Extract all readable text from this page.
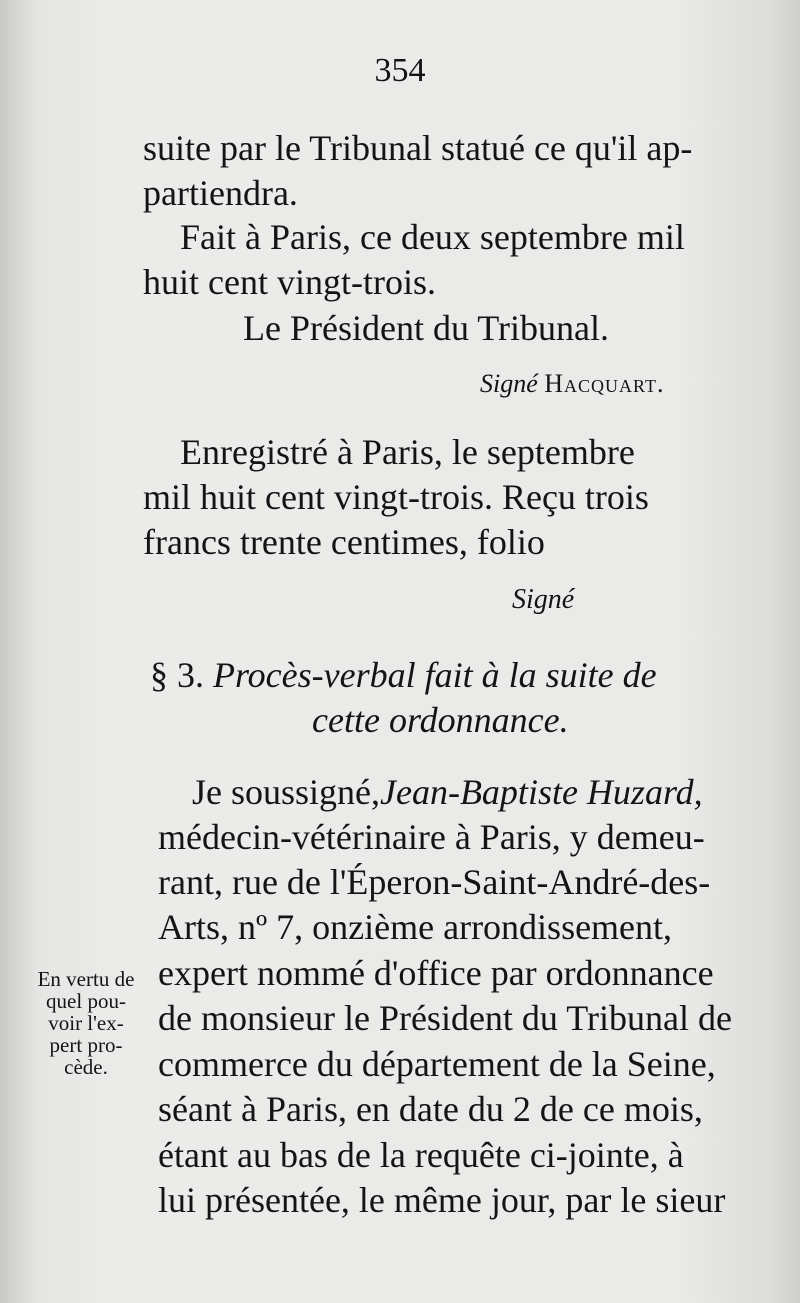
354
suite par le Tribunal statué ce qu'il ap-
partiendra.
Fait à Paris, ce deux septembre mil
huit cent vingt-trois.
Le Président du Tribunal.
Signé Hacquart.
Enregistré à Paris, le septembre
mil huit cent vingt-trois. Reçu trois
francs trente centimes, folio
Signé
§ 3. Procès-verbal fait à la suite de
cette ordonnance.
Je soussigné,Jean-Baptiste Huzard,
médecin-vétérinaire à Paris, y demeu-
rant, rue de l'Éperon-Saint-André-des-
Arts, nº 7, onzième arrondissement,
expert nommé d'office par ordonnance
de monsieur le Président du Tribunal de
commerce du département de la Seine,
séant à Paris, en date du 2 de ce mois,
étant au bas de la requête ci-jointe, à
lui présentée, le même jour, par le sieur
En vertu de
quel pou-
voir l'ex-
pert pro-
cède.
